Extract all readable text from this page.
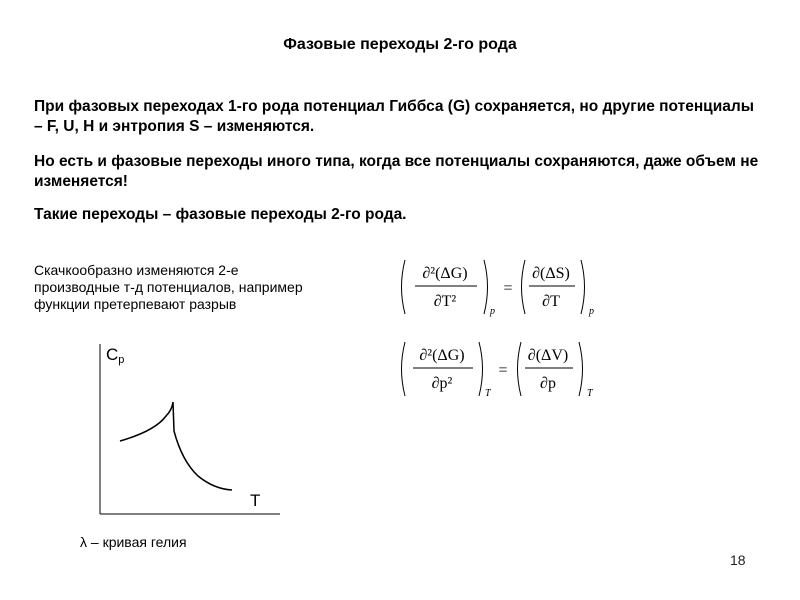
Фазовые переходы 2-го рода
При фазовых переходах 1-го рода потенциал Гиббса (G) сохраняется, но другие потенциалы – F, U, H и энтропия S – изменяются.
Но есть и фазовые переходы иного типа, когда все потенциалы сохраняются, даже объем не изменяется!
Такие переходы – фазовые переходы 2-го рода.
Скачкообразно изменяются 2-е производные т-д потенциалов, например функции претерпевают разрыв
∂²(ΔG)
∂T²
p
=
∂(ΔS)
∂T
p
∂²(ΔG)
∂p²
T
=
∂(ΔV)
∂p
T
Cp
T
λ – кривая гелия
18
